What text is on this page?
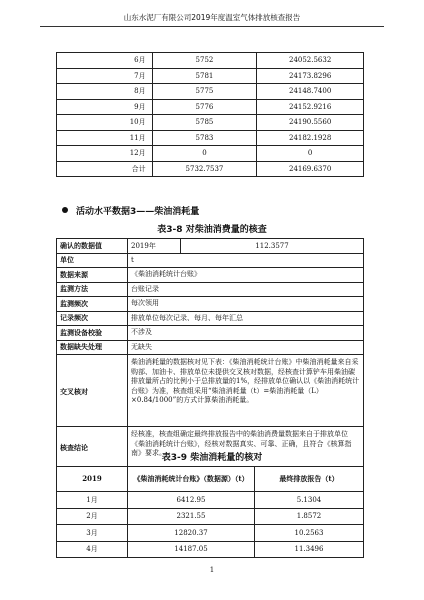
山东水泥厂有限公司2019年度温室气体排放核查报告
6月	5752	24052.5632
7月	5781	24173.8296
8月	5775	24148.7400
9月	5776	24152.9216
10月	5785	24190.5560
11月	5783	24182.1928
12月	0	0
合计	5732.7537	24169.6370
活动水平数据3——柴油消耗量
表3-8 对柴油消费量的核查
确认的数据值	2019年	112.3577
单位	t	
数据来源	《柴油消耗统计台账》	
监测方法	台账记录	
监测频次	每次领用	
记录频次	排放单位每次记录、每月、每年汇总	
监测设备校验	不涉及	
数据缺失处理	无缺失	
交叉核对	柴油消耗量的数据核对见下表：《柴油消耗统计台账》中柴油消耗量来自采购部、加油卡、排放单位未提供交叉核对数据，经核查计算铲车用柴油碳排放量所占的比例小于总排放量的1%，经排放单位确认以《柴油消耗统计台账》为准，核查组采用“柴油消耗量（t）=柴油消耗量（L）×0.84/1000”的方式计算柴油消耗量。	
核查结论	经核准，核查组确定最终排放报告中的柴油消费量数据来自于排放单位《柴油消耗统计台账》，经核对数据真实、可靠、正确，且符合《核算指南》要求。	
表3-9 柴油消耗量的核对
2019	《柴油消耗统计台账》（数据源）（t）	最终排放报告（t）
1月	6412.95	5.1304
2月	2321.55	1.8572
3月	12820.37	10.2563
4月	14187.05	11.3496
1
